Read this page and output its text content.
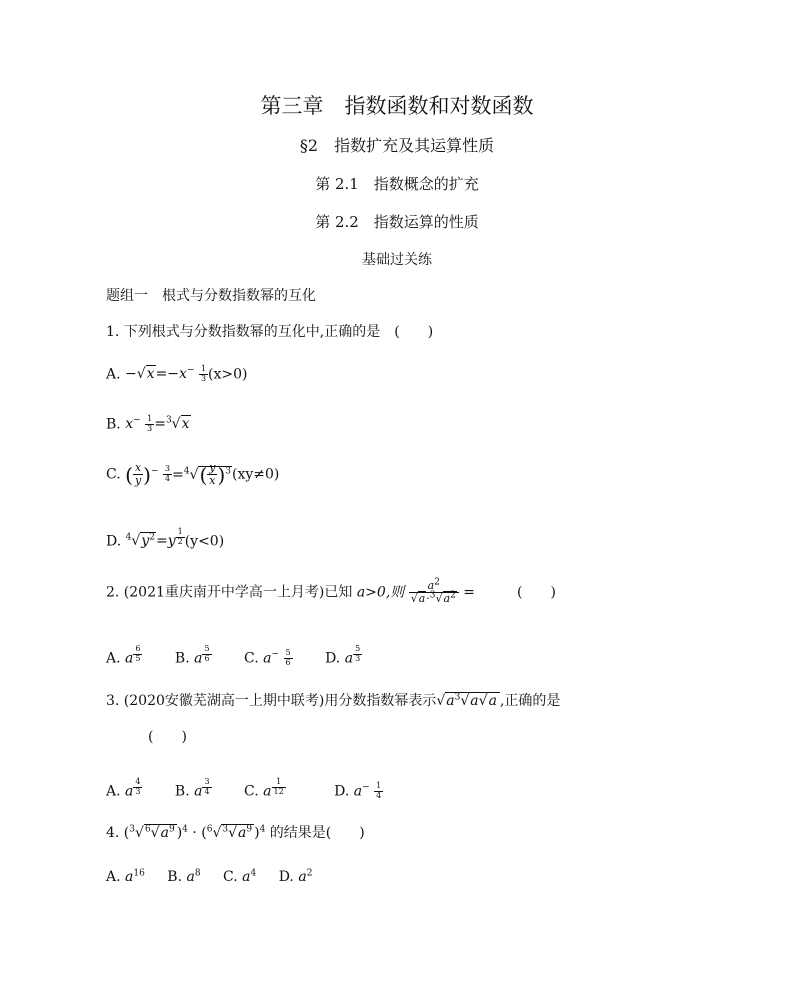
第三章　指数函数和对数函数
§2　指数扩充及其运算性质
第 2.1　指数概念的扩充
第 2.2　指数运算的性质
基础过关练
题组一　根式与分数指数幂的互化
1. 下列根式与分数指数幂的互化中,正确的是　(　　)
A. $-√x=-x^- \frac{1}{3} (x>0)$
B. $x^- \frac{1}{3} =^3√x$
C. ( $\frac{x}{y} )^- \frac{3}{4} =^4√( \frac{y}{x} )^3(xy\ne 0)$
D. $^4√y^2=y$ $^{\frac{1}{2}}$ (y<0)
2. (2021重庆南开中学高一上月考)已知 a>0,则 $\frac{a^2}{√a\cdot^3√a^2}$ =　　　(　　)
A. a $^{\frac{6}{5}}$ B. a $^{\frac{5}{6}}$ C. $a^- \frac{5}{6} D$. a $^{\frac{5}{3}}$
3. (2020安徽芜湖高一上期中联考)用分数指数幂表示$√a^3√a√a$ ,正确的是
(　　)
A. a $^{\frac{4}{3}}$ B. a $^{\frac{3}{4}}$ C. a $^{\frac{1}{12}}$	D. $a^- \frac{1}{4}$
4. ($^3√^6√a^9$ )$^4 \cdot (^6√^3√a^9$ )$^4$ 的结果是(　　)
A. $a^{16}$ B. $a^8$ C. $a^4$ D. $a^2$
